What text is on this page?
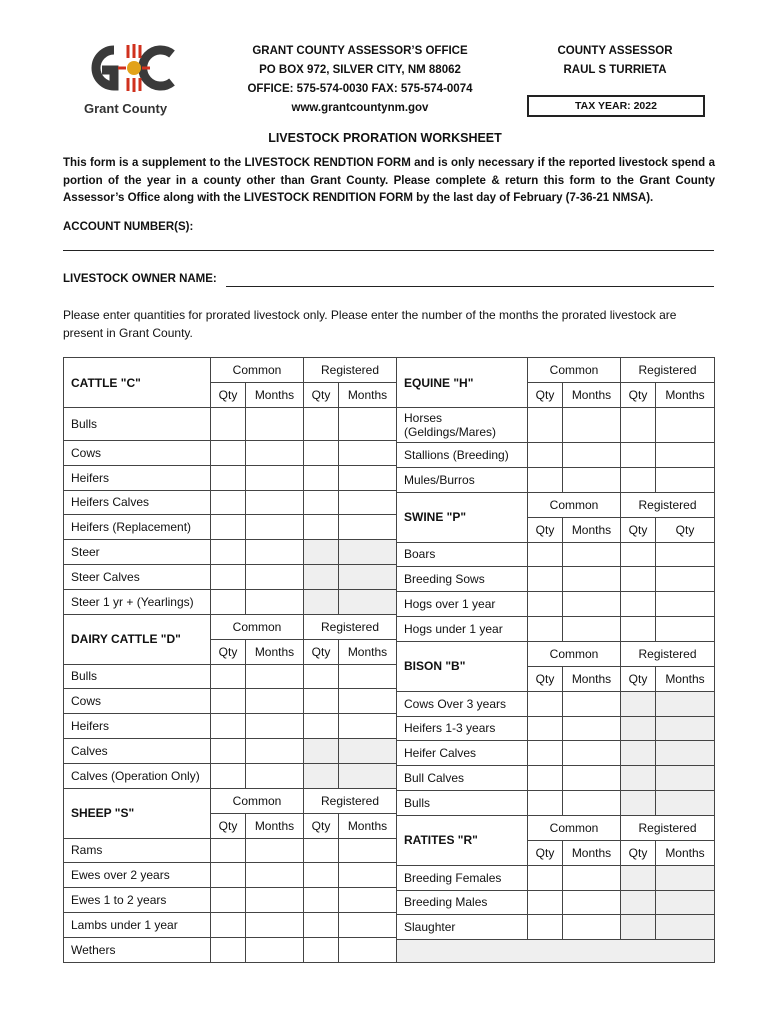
G C
Grant County
GRANT COUNTY ASSESSOR’S OFFICE
PO BOX 972, SILVER CITY, NM 88062
OFFICE: 575-574-0030 FAX: 575-574-0074
www.grantcountynm.gov
COUNTY ASSESSOR
RAUL S TURRIETA
TAX YEAR: 2022
LIVESTOCK PRORATION WORKSHEET
This form is a supplement to the LIVESTOCK RENDTION FORM and is only necessary if the reported livestock spend a portion of the year in a county other than Grant County. Please complete & return this form to the Grant County Assessor’s Office along with the LIVESTOCK RENDITION FORM by the last day of February (7-36-21 NMSA).
ACCOUNT NUMBER(S):
LIVESTOCK OWNER NAME:
Please enter quantities for prorated livestock only. Please enter the number of the months the prorated livestock are present in Grant County.
CATTLE "C"
Common	Registered
Qty Months Qty Months
Bulls
Cows
Heifers
Heifers Calves
Heifers (Replacement)
Steer
Steer Calves
Steer 1 yr + (Yearlings)
DAIRY CATTLE "D"
Common	Registered
Qty Months Qty Months
Bulls
Cows
Heifers
Calves
Calves (Operation Only)
SHEEP "S"
Common	Registered
Qty Months Qty Months
Rams
Ewes over 2 years
Ewes 1 to 2 years
Lambs under 1 year
Wethers
EQUINE "H"
Common	Registered
Qty Months Qty Months
Horses (Geldings/Mares)
Stallions (Breeding)
Mules/Burros
SWINE "P"
Common	Registered
Qty Months Qty Qty
Boars
Breeding Sows
Hogs over 1 year
Hogs under 1 year
BISON "B"
Common	Registered
Qty Months Qty Months
Cows Over 3 years
Heifers 1-3 years
Heifer Calves
Bull Calves
Bulls
RATITES "R"
Common	Registered
Qty Months Qty Months
Breeding Females
Breeding Males
Slaughter
